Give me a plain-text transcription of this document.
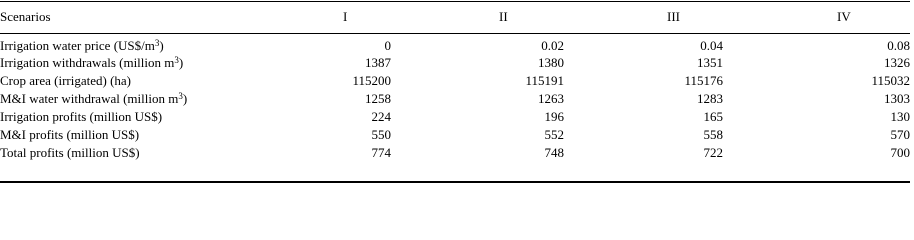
Scenarios	I	II	III	IV
Irrigation water price $(US\$/m^3)$	0	0.02	0.04	0.08
Irrigation withdrawals (million $m^3$)	1387	1380	1351	1326
Crop area (irrigated) (ha)	115200	115191	115176	115032
M&I water withdrawal (million $m^3$)	1258	1263	1283	1303
Irrigation profits (million US$)	224	196	165	130
M&I profits (million US$)	550	552	558	570
Total profits (million US$)	774	748	722	700
